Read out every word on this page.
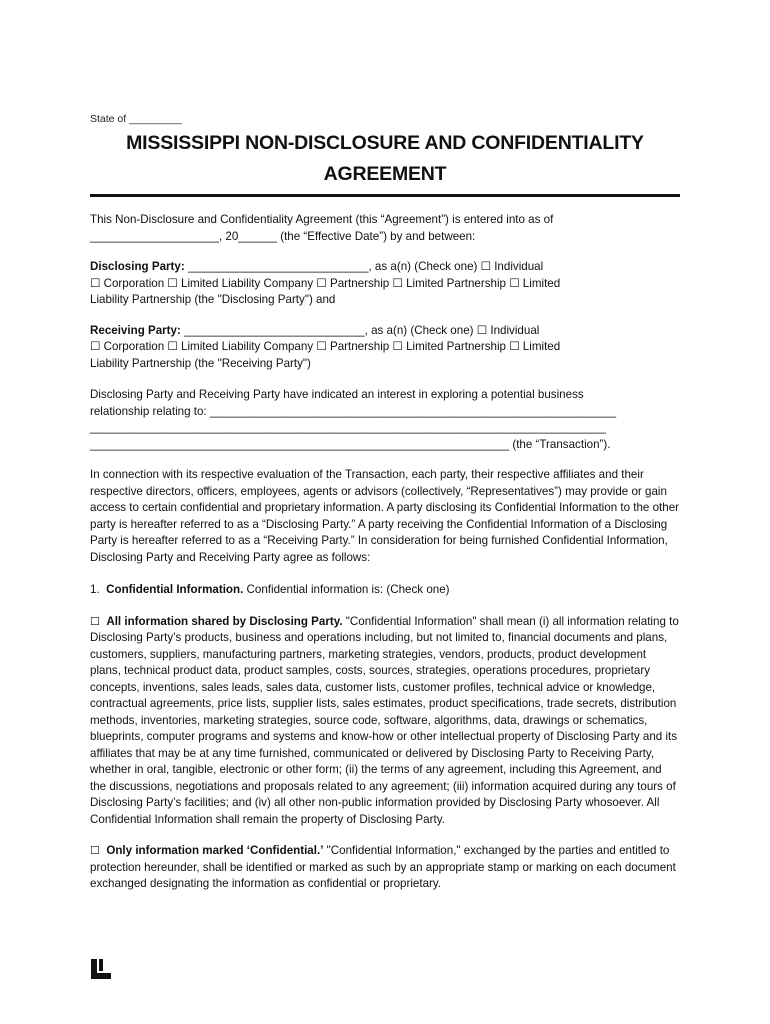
State of _________
MISSISSIPPI NON-DISCLOSURE AND CONFIDENTIALITY
AGREEMENT

This Non-Disclosure and Confidentiality Agreement (this “Agreement”) is entered into as of

____________________, 20______ (the “Effective Date”) by and between:

Disclosing Party: ____________________________, as a(n) (Check one) ☐ Individual

☐ Corporation ☐ Limited Liability Company ☐ Partnership ☐ Limited Partnership ☐ Limited

Liability Partnership (the "Disclosing Party") and

Receiving Party: ____________________________, as a(n) (Check one) ☐ Individual

☐ Corporation ☐ Limited Liability Company ☐ Partnership ☐ Limited Partnership ☐ Limited

Liability Partnership (the "Receiving Party")

Disclosing Party and Receiving Party have indicated an interest in exploring a potential business

relationship relating to: _______________________________________________________________

________________________________________________________________________________

_________________________________________________________________ (the “Transaction”).

In connection with its respective evaluation of the Transaction, each party, their respective affiliates and their respective directors, officers, employees, agents or advisors (collectively, “Representatives”) may provide or gain access to certain confidential and proprietary information. A party disclosing its Confidential Information to the other party is hereafter referred to as a “Disclosing Party.” A party receiving the Confidential Information of a Disclosing Party is hereafter referred to as a “Receiving Party.” In consideration for being furnished Confidential Information, Disclosing Party and Receiving Party agree as follows:

1. Confidential Information. Confidential information is: (Check one)

☐ All information shared by Disclosing Party. "Confidential Information" shall mean (i) all information relating to Disclosing Party’s products, business and operations including, but not limited to, financial documents and plans, customers, suppliers, manufacturing partners, marketing strategies, vendors, products, product development plans, technical product data, product samples, costs, sources, strategies, operations procedures, proprietary concepts, inventions, sales leads, sales data, customer lists, customer profiles, technical advice or knowledge, contractual agreements, price lists, supplier lists, sales estimates, product specifications, trade secrets, distribution methods, inventories, marketing strategies, source code, software, algorithms, data, drawings or schematics, blueprints, computer programs and systems and know-how or other intellectual property of Disclosing Party and its affiliates that may be at any time furnished, communicated or delivered by Disclosing Party to Receiving Party, whether in oral, tangible, electronic or other form; (ii) the terms of any agreement, including this Agreement, and the discussions, negotiations and proposals related to any agreement; (iii) information acquired during any tours of Disclosing Party’s facilities; and (iv) all other non-public information provided by Disclosing Party whosoever. All Confidential Information shall remain the property of Disclosing Party.

☐ Only information marked ‘Confidential.’ "Confidential Information," exchanged by the parties and entitled to protection hereunder, shall be identified or marked as such by an appropriate stamp or marking on each document exchanged designating the information as confidential or proprietary.
